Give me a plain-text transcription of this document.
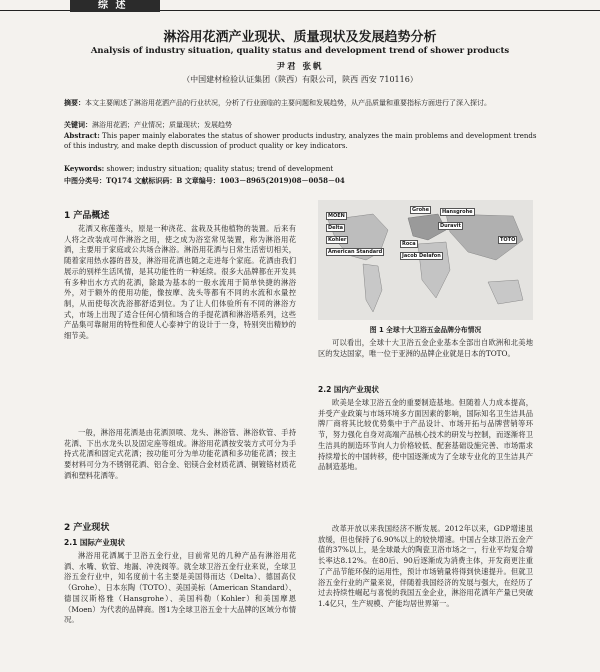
综 述
淋浴用花洒产业现状、质量现状及发展趋势分析
Analysis of industry situation, quality status and development trend of shower products
尹君 张帆
（中国建材检验认证集团（陕西）有限公司，陕西 西安 710116）
摘要：本文主要阐述了淋浴用花洒产品的行业状况，分析了行业面临的主要问题和发展趋势，从产品质量和重要指标方面进行了深入探讨。
关键词：淋浴用花洒；产业情况；质量现状；发展趋势
Abstract: This paper mainly elaborates the status of shower products industry, analyzes the main problems and development trends of this industry, and make depth discussion of product quality or key indicators.
Keywords: shower; industry situation; quality status; trend of development
中图分类号：TQ174 文献标识码：B 文章编号：1003－8965(2019)08－0058－04
1 产品概述
花洒又称莲蓬头，原是一种浇花、盆栽及其他植物的装置。后来有人将之改装成可作淋浴之用，使之成为浴室常见装置，称为淋浴用花洒，主要用于家庭或公共场合淋浴。淋浴用花洒与日常生活密切相关，随着家用热水器的普及，淋浴用花洒也随之走进每个家庭。花洒由我们展示的别样生活风情，是其功能性的一种延续。很多大品牌都在开发具有多种出水方式的花洒，除最为基本的一般水流用于简单快捷的淋浴外，对于额外的使用功能，像按摩、洗头等都有不同的水流和水量控制，从而使每次洗浴都舒适到位。为了让人们体验所有不同的淋浴方式，市场上出现了适合任何心情和场合的手提花洒和淋浴塔系列，这些产品集可靠耐用的特性和使人心泰神宁的设计于一身，特别突出精妙的细节美。
一般，淋浴用花洒是由花洒顶喷、龙头、淋浴管、淋浴软管、手持花洒、下出水龙头以及固定座等组成。淋浴用花洒按安装方式可分为手持式花洒和固定式花洒；按功能可分为单功能花洒和多功能花洒；按主要材料可分为不锈钢花洒、铝合金、铝镁合金材质花洒、铜镀铬材质花洒和塑料花洒等。
2 产业现状
2.1 国际产业现状
淋浴用花洒属于卫浴五金行业，目前常见的几种产品有淋浴用花洒、水嘴、软管、地漏、冲洗阀等。就全球卫浴五金行业来说，全球卫浴五金行业中，知名度前十名主要是美国得而达（Delta）、德国高仪（Grohe）、日本东陶（TOTO）、美国美标（American Standard）、德国汉斯格雅（Hansgrohe）、美国科勒（Kohler）和美国摩恩（Moen）为代表的品牌商。图1为全球卫浴五金十大品牌的区域分布情况。
MOEN
Delta
Kohler
American Standard
Grohe	Hansgrohe
Roca
Jacob Delafon
TOTO
Duravit
图 1 全球十大卫浴五金品牌分布情况
可以看出，全球十大卫浴五金企业基本全部出自欧洲和北美地区的发达国家，唯一位于亚洲的品牌企业就是日本的TOTO。
2.2 国内产业现状
欧美是全球卫浴五金的重要制造基地。但随着人力成本提高，并受产业政策与市场环境多方面因素的影响，国际知名卫生洁具品牌厂商将其比较优势集中于产品设计、市场开拓与品牌营销等环节，努力强化自身对高端产品核心技术的研发与控制，而逐渐将卫生洁具的制造环节向人力价格较低、配套基础设施完善、市场需求持续增长的中国转移，使中国逐渐成为了全球专业化的卫生洁具产品制造基地。
改革开放以来我国经济不断发展。2012年以来，GDP增速虽放缓，但也保持了6.90%以上的较快增速。中国占全球卫浴五金产值的37%以上，是全球最大的陶瓷卫浴市场之一，行业平均复合增长率达8.12%。在80后、90后逐渐成为消费主体，开发商更注重了产品节能环保的运用性，预计市场销量将得到快速提升。但就卫浴五金行业的产量来说，伴随着我国经济的发展与强大，在经历了过去持续性崛起与喜悦的我国五金企业，淋浴用花洒年产量已突破1.4亿只，生产规模、产能均居世界第一。
